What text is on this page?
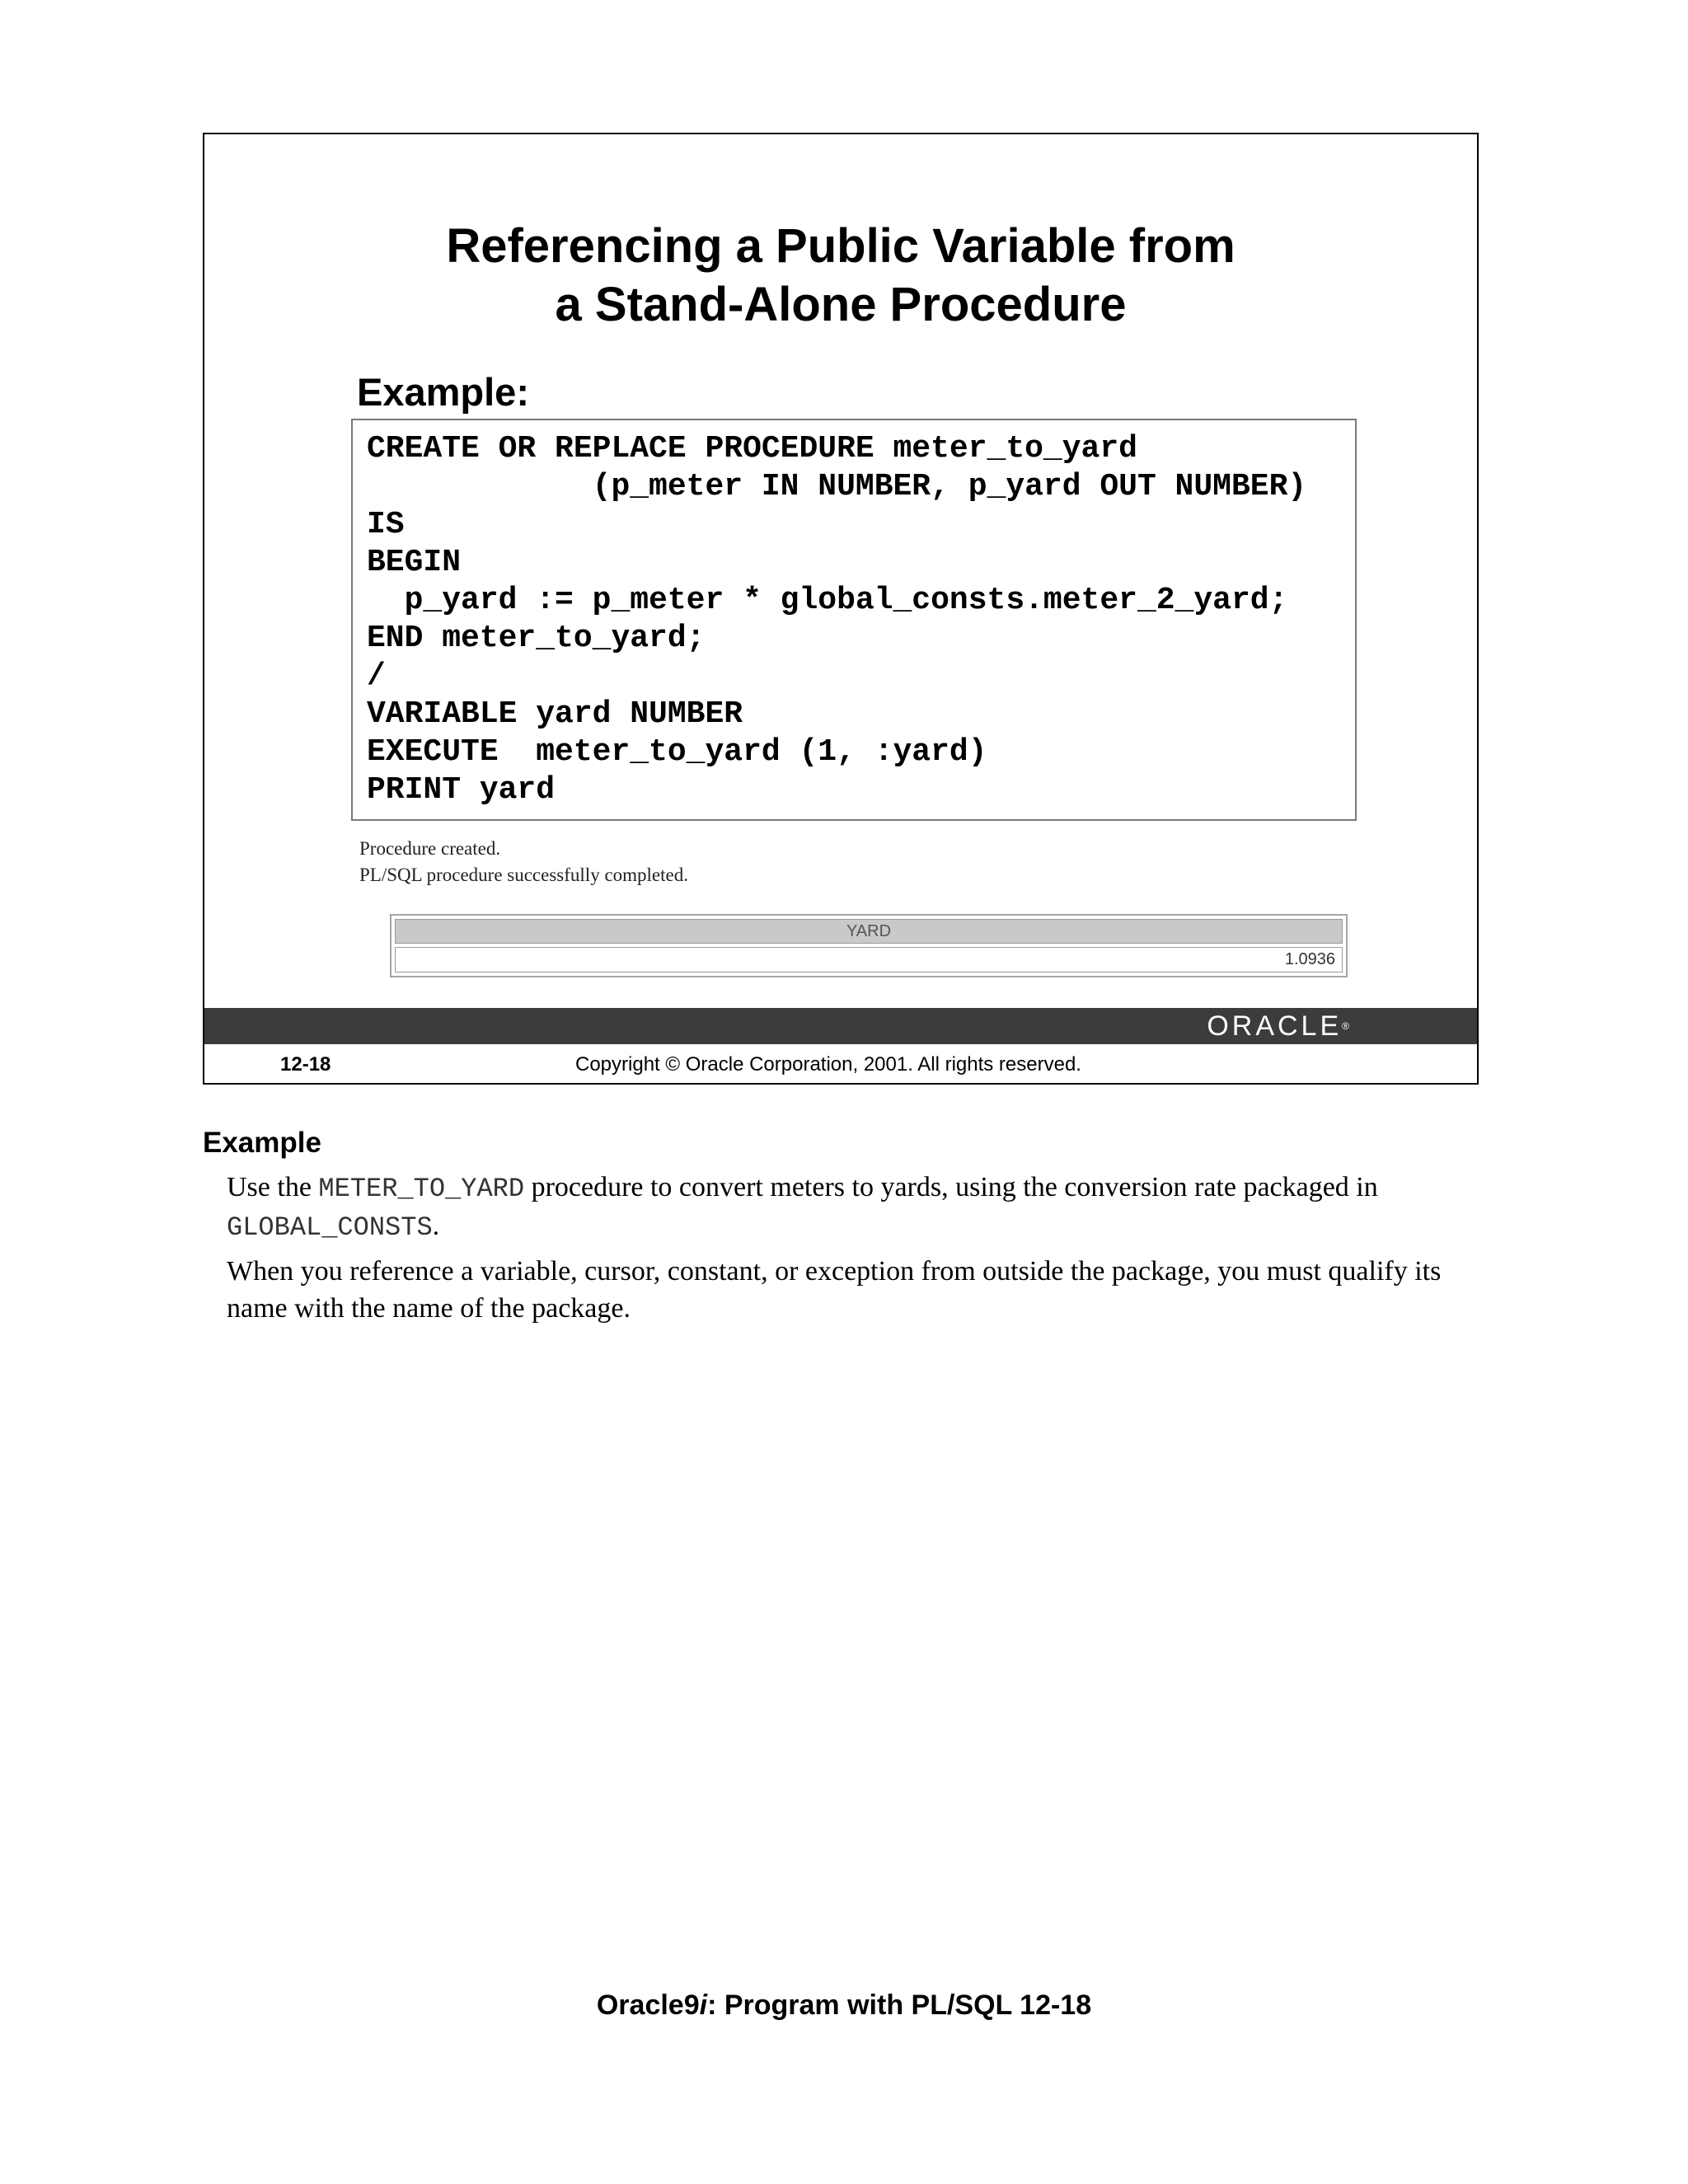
Referencing a Public Variable from
a Stand-Alone Procedure
Example:
CREATE OR REPLACE PROCEDURE meter_to_yard
(p_meter IN NUMBER, p_yard OUT NUMBER)
IS
BEGIN
p_yard := p_meter * global_consts.meter_2_yard;
END meter_to_yard;
/
VARIABLE yard NUMBER
EXECUTE  meter_to_yard (1, :yard)
PRINT yard
Procedure created.
PL/SQL procedure successfully completed.
YARD
1.0936
ORACLE®
12-18	Copyright © Oracle Corporation, 2001. All rights reserved.
Example
Use the METER_TO_YARD procedure to convert meters to yards, using the conversion rate packaged in GLOBAL_CONSTS.
When you reference a variable, cursor, constant, or exception from outside the package, you must qualify its name with the name of the package.
Oracle9i: Program with PL/SQL 12-18
